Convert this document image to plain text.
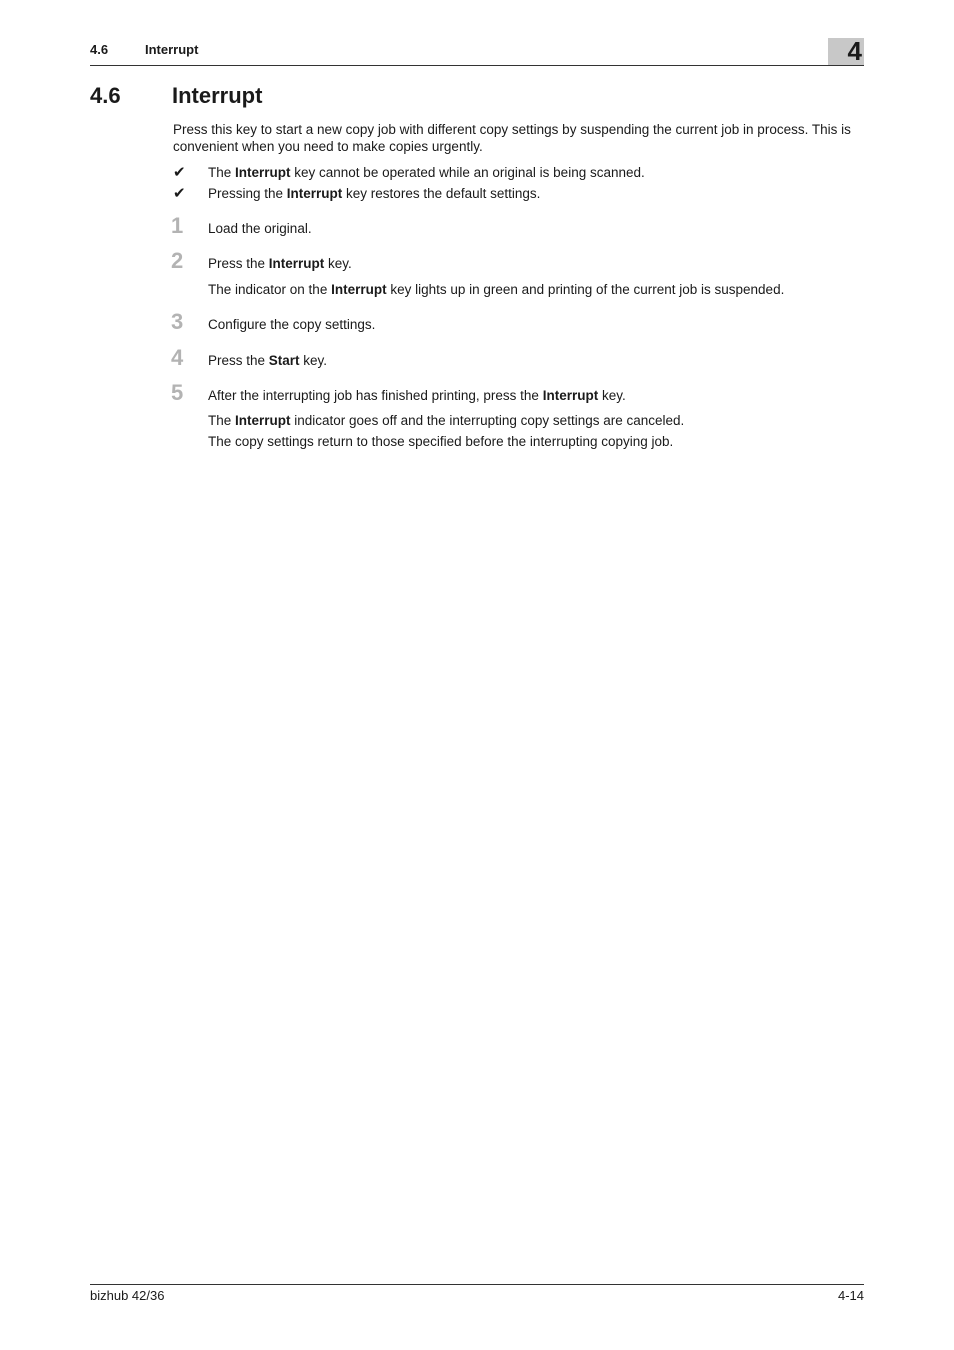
4.6	Interrupt	4
4.6 Interrupt
Press this key to start a new copy job with different copy settings by suspending the current job in process. This is convenient when you need to make copies urgently.
✔ The Interrupt key cannot be operated while an original is being scanned.
✔ Pressing the Interrupt key restores the default settings.
1 Load the original.
2 Press the Interrupt key.
The indicator on the Interrupt key lights up in green and printing of the current job is suspended.
3 Configure the copy settings.
4 Press the Start key.
5 After the interrupting job has finished printing, press the Interrupt key.
The Interrupt indicator goes off and the interrupting copy settings are canceled.
The copy settings return to those specified before the interrupting copying job.
bizhub 42/36	4-14
